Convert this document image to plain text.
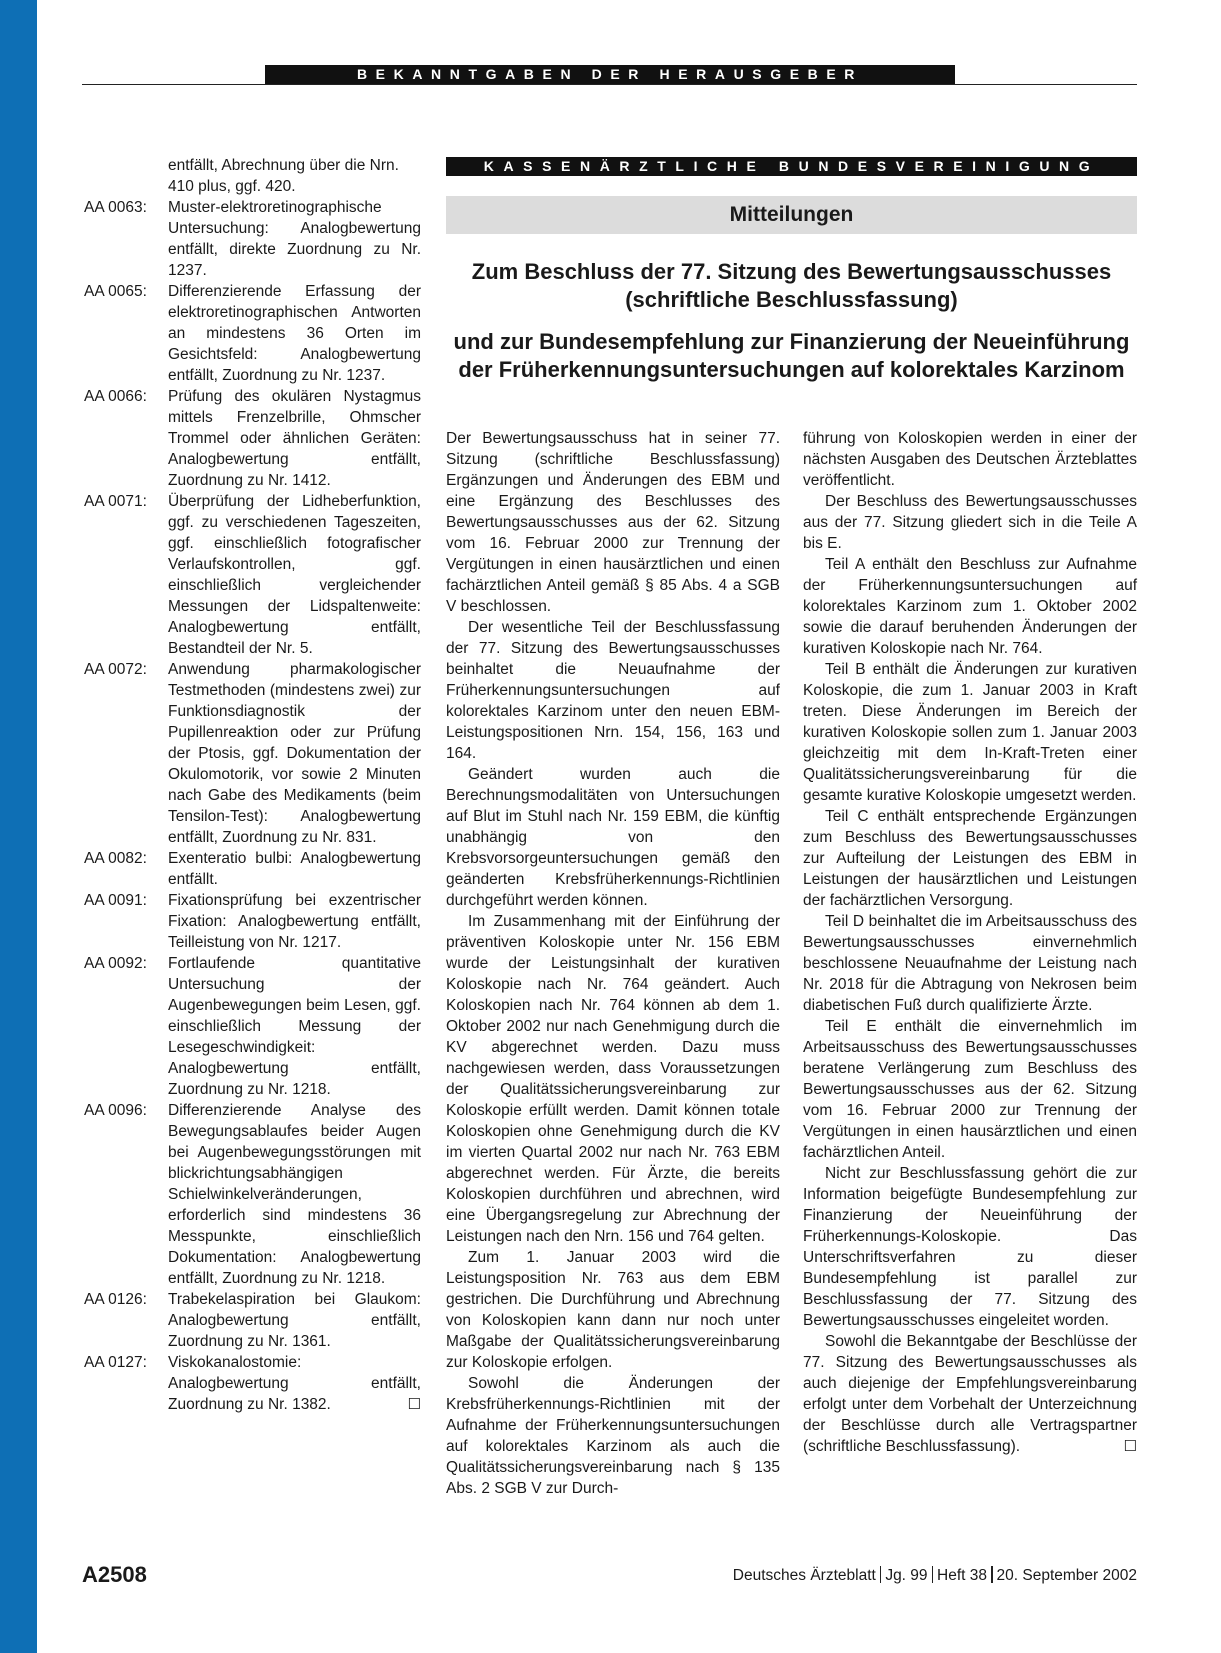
BEKANNTGABEN DER HERAUSGEBER
entfällt, Abrechnung über die Nrn. 410 plus, ggf. 420.
AA 0063:	Muster-elektroretinographische Untersuchung: Analogbewertung entfällt, direkte Zuordnung zu Nr. 1237.
AA 0065:	Differenzierende Erfassung der elektroretinographischen Antworten an mindestens 36 Orten im Gesichtsfeld: Analogbewertung entfällt, Zuordnung zu Nr. 1237.
AA 0066:	Prüfung des okulären Nystagmus mittels Frenzelbrille, Ohmscher Trommel oder ähnlichen Geräten: Analogbewertung entfällt, Zuordnung zu Nr. 1412.
AA 0071:	Überprüfung der Lidheberfunktion, ggf. zu verschiedenen Tageszeiten, ggf. einschließlich fotografischer Verlaufskontrollen, ggf. einschließlich vergleichender Messungen der Lidspaltenweite: Analogbewertung entfällt, Bestandteil der Nr. 5.
AA 0072:	Anwendung pharmakologischer Testmethoden (mindestens zwei) zur Funktionsdiagnostik der Pupillenreaktion oder zur Prüfung der Ptosis, ggf. Dokumentation der Okulomotorik, vor sowie 2 Minuten nach Gabe des Medikaments (beim Tensilon-Test): Analogbewertung entfällt, Zuordnung zu Nr. 831.
AA 0082:	Exenteratio bulbi: Analogbewertung entfällt.
AA 0091:	Fixationsprüfung bei exzentrischer Fixation: Analogbewertung entfällt, Teilleistung von Nr. 1217.
AA 0092:	Fortlaufende quantitative Untersuchung der Augenbewegungen beim Lesen, ggf. einschließlich Messung der Lesegeschwindigkeit: Analogbewertung entfällt, Zuordnung zu Nr. 1218.
AA 0096:	Differenzierende Analyse des Bewegungsablaufes beider Augen bei Augenbewegungsstörungen mit blickrichtungsabhängigen Schielwinkelveränderungen, erforderlich sind mindestens 36 Messpunkte, einschließlich Dokumentation: Analogbewertung entfällt, Zuordnung zu Nr. 1218.
AA 0126:	Trabekelaspiration bei Glaukom: Analogbewertung entfällt, Zuordnung zu Nr. 1361.
AA 0127:	Viskokanalostomie: Analogbewertung entfällt, Zuordnung zu Nr. 1382.	☐
KASSENÄRZTLICHE BUNDESVEREINIGUNG
Mitteilungen
Zum Beschluss der 77. Sitzung des Bewertungsausschusses (schriftliche Beschlussfassung)
und zur Bundesempfehlung zur Finanzierung der Neueinführung der Früherkennungsuntersuchungen auf kolorektales Karzinom

Der Bewertungsausschuss hat in seiner 77. Sitzung (schriftliche Beschlussfassung) Ergänzungen und Änderungen des EBM und eine Ergänzung des Beschlusses des Bewertungsausschusses aus der 62. Sitzung vom 16. Februar 2000 zur Trennung der Vergütungen in einen hausärztlichen und einen fachärztlichen Anteil gemäß § 85 Abs. 4 a SGB V beschlossen.

Der wesentliche Teil der Beschlussfassung der 77. Sitzung des Bewertungsausschusses beinhaltet die Neuaufnahme der Früherkennungsuntersuchungen auf kolorektales Karzinom unter den neuen EBM-Leistungspositionen Nrn. 154, 156, 163 und 164.

Geändert wurden auch die Berechnungsmodalitäten von Untersuchungen auf Blut im Stuhl nach Nr. 159 EBM, die künftig unabhängig von den Krebsvorsorgeuntersuchungen gemäß den geänderten Krebsfrüherkennungs-Richtlinien durchgeführt werden können.

Im Zusammenhang mit der Einführung der präventiven Koloskopie unter Nr. 156 EBM wurde der Leistungsinhalt der kurativen Koloskopie nach Nr. 764 geändert. Auch Koloskopien nach Nr. 764 können ab dem 1. Oktober 2002 nur nach Genehmigung durch die KV abgerechnet werden. Dazu muss nachgewiesen werden, dass Voraussetzungen der Qualitätssicherungsvereinbarung zur Koloskopie erfüllt werden. Damit können totale Koloskopien ohne Genehmigung durch die KV im vierten Quartal 2002 nur nach Nr. 763 EBM abgerechnet werden. Für Ärzte, die bereits Koloskopien durchführen und abrechnen, wird eine Übergangsregelung zur Abrechnung der Leistungen nach den Nrn. 156 und 764 gelten.

Zum 1. Januar 2003 wird die Leistungsposition Nr. 763 aus dem EBM gestrichen. Die Durchführung und Abrechnung von Koloskopien kann dann nur noch unter Maßgabe der Qualitätssicherungsvereinbarung zur Koloskopie erfolgen.

Sowohl die Änderungen der Krebsfrüherkennungs-Richtlinien mit der Aufnahme der Früherkennungsuntersuchungen auf kolorektales Karzinom als auch die Qualitätssicherungsvereinbarung nach § 135 Abs. 2 SGB V zur Durch-

führung von Koloskopien werden in einer der nächsten Ausgaben des Deutschen Ärzteblattes veröffentlicht.

Der Beschluss des Bewertungsausschusses aus der 77. Sitzung gliedert sich in die Teile A bis E.

Teil A enthält den Beschluss zur Aufnahme der Früherkennungsuntersuchungen auf kolorektales Karzinom zum 1. Oktober 2002 sowie die darauf beruhenden Änderungen der kurativen Koloskopie nach Nr. 764.

Teil B enthält die Änderungen zur kurativen Koloskopie, die zum 1. Januar 2003 in Kraft treten. Diese Änderungen im Bereich der kurativen Koloskopie sollen zum 1. Januar 2003 gleichzeitig mit dem In-Kraft-Treten einer Qualitätssicherungsvereinbarung für die gesamte kurative Koloskopie umgesetzt werden.

Teil C enthält entsprechende Ergänzungen zum Beschluss des Bewertungsausschusses zur Aufteilung der Leistungen des EBM in Leistungen der hausärztlichen und Leistungen der fachärztlichen Versorgung.

Teil D beinhaltet die im Arbeitsausschuss des Bewertungsausschusses einvernehmlich beschlossene Neuaufnahme der Leistung nach Nr. 2018 für die Abtragung von Nekrosen beim diabetischen Fuß durch qualifizierte Ärzte.

Teil E enthält die einvernehmlich im Arbeitsausschuss des Bewertungsausschusses beratene Verlängerung zum Beschluss des Bewertungsausschusses aus der 62. Sitzung vom 16. Februar 2000 zur Trennung der Vergütungen in einen hausärztlichen und einen fachärztlichen Anteil.

Nicht zur Beschlussfassung gehört die zur Information beigefügte Bundesempfehlung zur Finanzierung der Neueinführung der Früherkennungs-Koloskopie. Das Unterschriftsverfahren zu dieser Bundesempfehlung ist parallel zur Beschlussfassung der 77. Sitzung des Bewertungsausschusses eingeleitet worden.

Sowohl die Bekanntgabe der Beschlüsse der 77. Sitzung des Bewertungsausschusses als auch diejenige der Empfehlungsvereinbarung erfolgt unter dem Vorbehalt der Unterzeichnung der Beschlüsse durch alle Vertragspartner (schriftliche Beschlussfassung).	☐

A2508	Deutsches Ärzteblatt Jg. 99 Heft 38 20. September 2002
